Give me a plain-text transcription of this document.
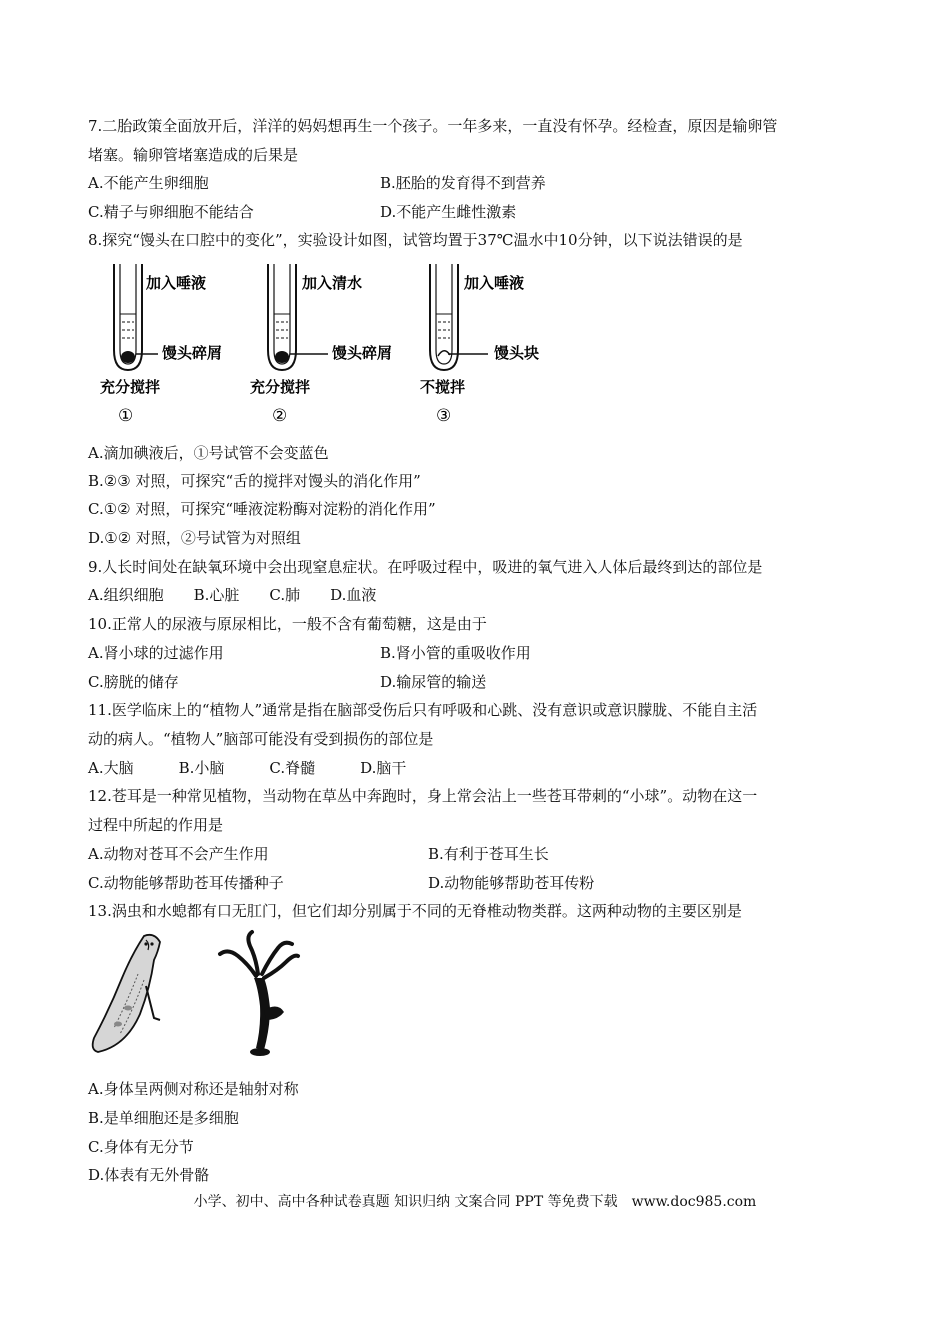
7.二胎政策全面放开后，洋洋的妈妈想再生一个孩子。一年多来，一直没有怀孕。经检查，原因是输卵管
堵塞。输卵管堵塞造成的后果是
A.不能产生卵细胞	B.胚胎的发育得不到营养
C.精子与卵细胞不能结合	D.不能产生雌性激素
8.探究“馒头在口腔中的变化”，实验设计如图，试管均置于37℃温水中10分钟，以下说法错误的是
加入唾液
馒头碎屑
充分搅拌
①
加入清水
馒头碎屑
充分搅拌
②
加入唾液
馒头块
不搅拌
③
A.滴加碘液后，①号试管不会变蓝色
B.②③ 对照，可探究“舌的搅拌对馒头的消化作用”
C.①② 对照，可探究“唾液淀粉酶对淀粉的消化作用”
D.①② 对照，②号试管为对照组
9.人长时间处在缺氧环境中会出现窒息症状。在呼吸过程中，吸进的氧气进入人体后最终到达的部位是
A.组织细胞　　B.心脏　　C.肺　　D.血液
10.正常人的尿液与原尿相比，一般不含有葡萄糖，这是由于
A.肾小球的过滤作用	B.肾小管的重吸收作用
C.膀胱的储存	D.输尿管的输送
11.医学临床上的“植物人”通常是指在脑部受伤后只有呼吸和心跳、没有意识或意识朦胧、不能自主活
动的病人。“植物人”脑部可能没有受到损伤的部位是
A.大脑　　　B.小脑　　　C.脊髓　　　D.脑干
12.苍耳是一种常见植物，当动物在草丛中奔跑时，身上常会沾上一些苍耳带刺的“小球”。动物在这一
过程中所起的作用是
A.动物对苍耳不会产生作用	B.有利于苍耳生长
C.动物能够帮助苍耳传播种子	D.动物能够帮助苍耳传粉
13.涡虫和水螅都有口无肛门，但它们却分别属于不同的无脊椎动物类群。这两种动物的主要区别是
A.身体呈两侧对称还是轴射对称
B.是单细胞还是多细胞
C.身体有无分节
D.体表有无外骨骼
小学、初中、高中各种试卷真题 知识归纳 文案合同 PPT 等免费下载　www.doc985.com
